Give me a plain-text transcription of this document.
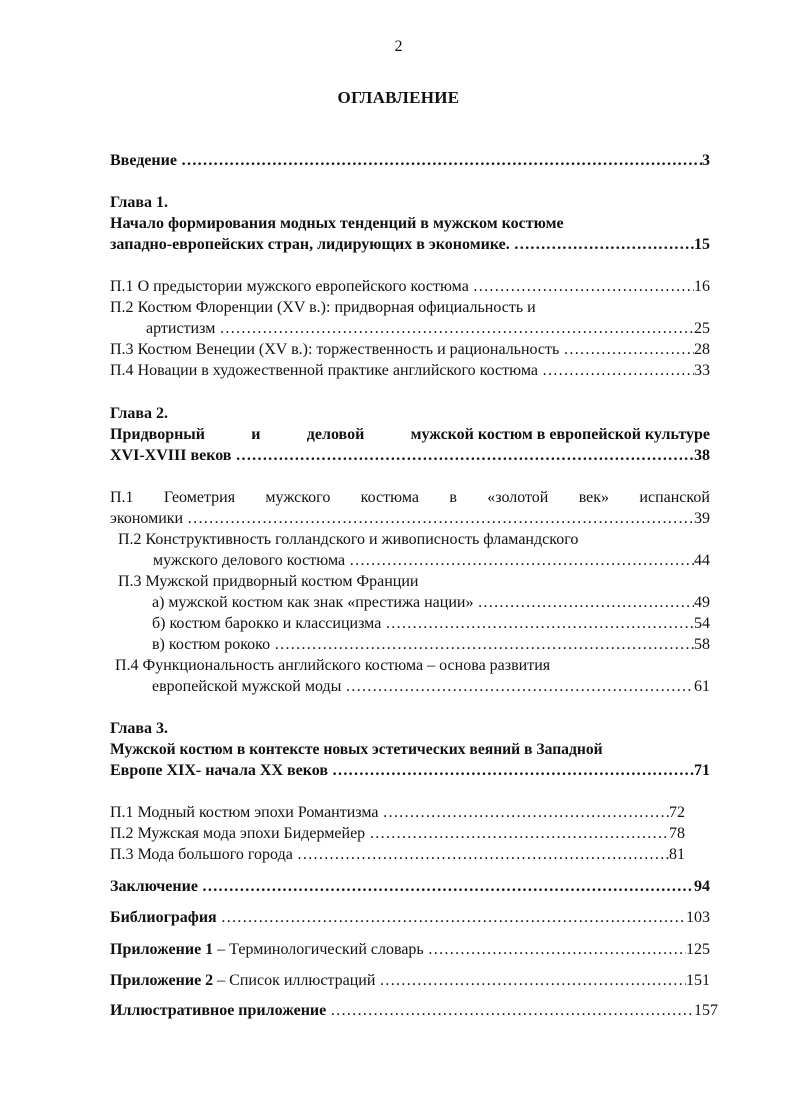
2
ОГЛАВЛЕНИЕ
Введение ………………………………………………………………………………………………………………………………………………	3
Глава 1.
Начало формирования модных тенденций в мужском костюме
западно-европейских стран, лидирующих в экономике. ………………………………………………………………………………………………………………………………………………	15
П.1 О предыстории мужского европейского костюма ………………………………………………………………………………………………………………………………………………	16
П.2 Костюм Флоренции (XV в.): придворная официальность и
артистизм ………………………………………………………………………………………………………………………………………………	25
П.3 Костюм Венеции (XV в.): торжественность и рациональность ………………………………………………………………………………………………………………………………………………	28
П.4 Новации в художественной практике английского костюма ………………………………………………………………………………………………………………………………………………	33
Глава 2.
Придворный	и	деловой	мужской костюм в европейской культуре
XVI-XVIII веков ………………………………………………………………………………………………………………………………………………	38
П.1 Геометрия мужского костюма в «золотой век» испанской
экономики ………………………………………………………………………………………………………………………………………………	39
П.2 Конструктивность голландского и живописность фламандского
мужского делового костюма ………………………………………………………………………………………………………………………………………………	44
П.3 Мужской придворный костюм Франции
а) мужской костюм как знак «престижа нации» ………………………………………………………………………………………………………………………………………………	49
б) костюм барокко и классицизма ………………………………………………………………………………………………………………………………………………	54
в) костюм рококо ………………………………………………………………………………………………………………………………………………	58
П.4 Функциональность английского костюма – основа развития
европейской мужской моды ………………………………………………………………………………………………………………………………………………	61
Глава 3.
Мужской костюм в контексте новых эстетических веяний в Западной
Европе XIX- начала XX веков ………………………………………………………………………………………………………………………………………………	71
П.1 Модный костюм эпохи Романтизма ………………………………………………………………………………………………………………………………………………	72
П.2 Мужская мода эпохи Бидермейер ………………………………………………………………………………………………………………………………………………	78
П.3 Мода большого города ………………………………………………………………………………………………………………………………………………	81
Заключение ………………………………………………………………………………………………………………………………………………	94
Библиография ………………………………………………………………………………………………………………………………………………	103
Приложение 1 – Терминологический словарь ………………………………………………………………………………………………………………………………………………	125
Приложение 2 – Список иллюстраций ………………………………………………………………………………………………………………………………………………	151
Иллюстративное приложение ………………………………………………………………………………………………………………………………………………	157
